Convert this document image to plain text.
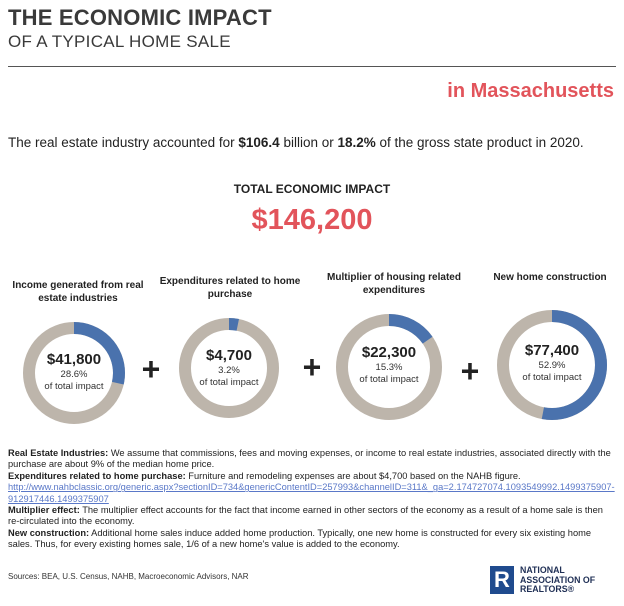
THE ECONOMIC IMPACT
OF A TYPICAL HOME SALE
in Massachusetts
The real estate industry accounted for $106.4 billion or 18.2% of the gross state product in 2020.
TOTAL ECONOMIC IMPACT
$146,200
Income generated from real estate industries
Expenditures related to home purchase
Multiplier of housing related expenditures
New home construction
$41,800
28.6%
of total impact	+	$4,700
3.2%
of total impact	+	$22,300
15.3%
of total impact	+
$77,400
52.9%
of total impact

Real Estate Industries: We assume that commissions, fees and moving expenses, or income to real estate industries, associated directly with the purchase are about 9% of the median home price.

Expenditures related to home purchase: Furniture and remodeling expenses are about $4,700 based on the NAHB figure.

http://www.nahbclassic.org/generic.aspx?sectionID=734&genericContentID=257993&channelID=311&_ga=2.174727074.1093549992.1499375907-912917446.1499375907

Multiplier effect: The multiplier effect accounts for the fact that income earned in other sectors of the economy as a result of a home sale is then re-circulated into the economy.

New construction: Additional home sales induce added home production. Typically, one new home is constructed for every six existing home sales. Thus, for every existing homes sale, 1/6 of a new home's value is added to the economy.

Sources: BEA, U.S. Census, NAHB, Macroeconomic Advisors, NAR	R	NATIONAL
ASSOCIATION OF
REALTORS®
